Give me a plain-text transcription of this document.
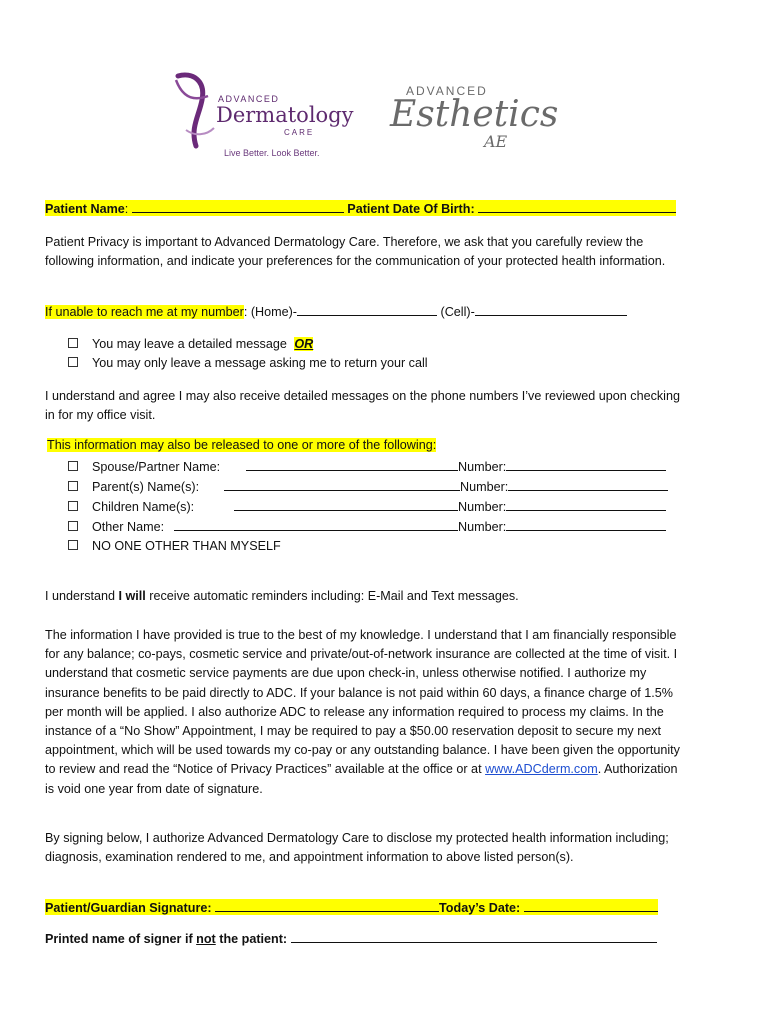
ADVANCED
Dermatology
CARE
Live Better. Look Better.
ADVANCED
Esthetics
AE
Patient Name:	Patient Date Of Birth:
Patient Privacy is important to Advanced Dermatology Care. Therefore, we ask that you carefully review the following information, and indicate your preferences for the communication of your protected health information.
If unable to reach me at my number: (Home)-	(Cell)-
You may leave a detailed message OR
You may only leave a message asking me to return your call
I understand and agree I may also receive detailed messages on the phone numbers I’ve reviewed upon checking in for my office visit.
This information may also be released to one or more of the following:
Spouse/Partner Name:	Number:
Parent(s) Name(s):	Number:
Children Name(s):	Number:
Other Name:	Number:
NO ONE OTHER THAN MYSELF
I understand I will receive automatic reminders including: E-Mail and Text messages.
The information I have provided is true to the best of my knowledge. I understand that I am financially responsible for any balance; co-pays, cosmetic service and private/out-of-network insurance are collected at the time of visit. I understand that cosmetic service payments are due upon check-in, unless otherwise notified. I authorize my insurance benefits to be paid directly to ADC. If your balance is not paid within 60 days, a finance charge of 1.5% per month will be applied. I also authorize ADC to release any information required to process my claims. In the instance of a “No Show” Appointment, I may be required to pay a $50.00 reservation deposit to secure my next appointment, which will be used towards my co-pay or any outstanding balance. I have been given the opportunity to review and read the “Notice of Privacy Practices” available at the office or at www.ADCderm.com. Authorization is void one year from date of signature.
By signing below, I authorize Advanced Dermatology Care to disclose my protected health information including; diagnosis, examination rendered to me, and appointment information to above listed person(s).
Patient/Guardian Signature:	Today’s Date:
Printed name of signer if not the patient:
